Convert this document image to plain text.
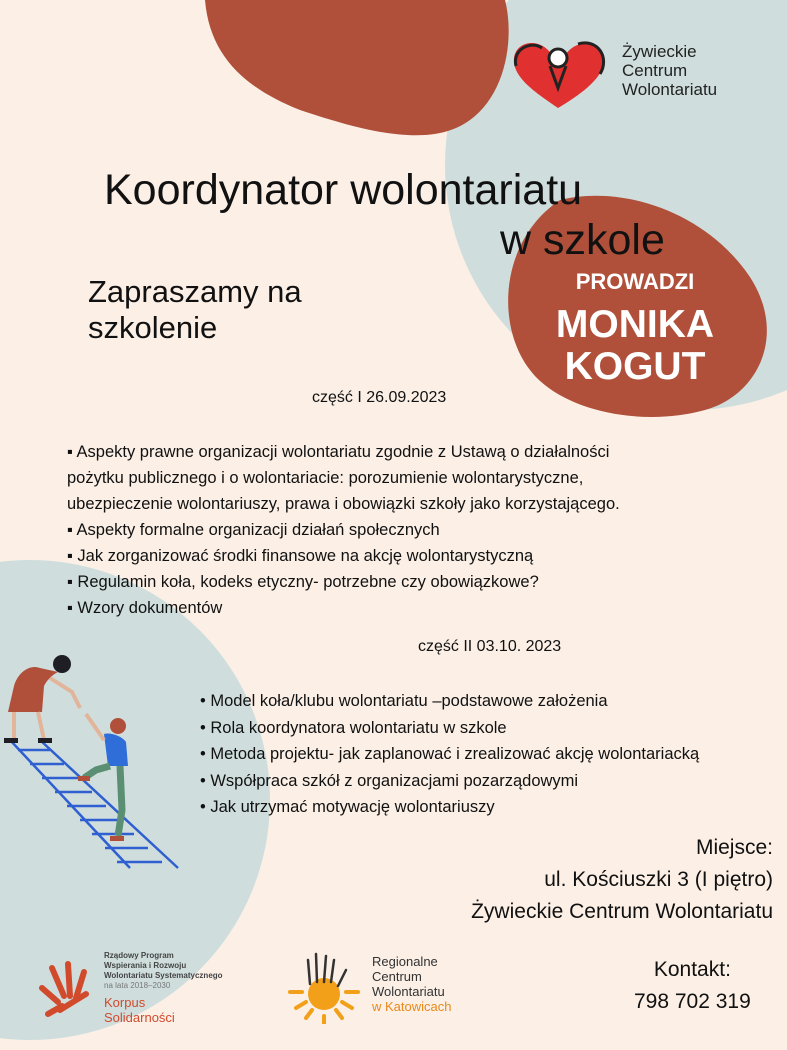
Żywieckie
Centrum
Wolontariatu
Koordynator wolontariatu
w szkole
Zapraszamy na
szkolenie
PROWADZI
MONIKA
KOGUT
część I 26.09.2023
▪ Aspekty prawne organizacji wolontariatu zgodnie z Ustawą o działalności
pożytku publicznego i o wolontariacie: porozumienie wolontarystyczne,
ubezpieczenie wolontariuszy, prawa i obowiązki szkoły jako korzystającego.
▪ Aspekty formalne organizacji działań społecznych
▪ Jak zorganizować środki finansowe na akcję wolontarystyczną
▪ Regulamin koła, kodeks etyczny- potrzebne czy obowiązkowe?
▪ Wzory dokumentów
część II 03.10. 2023
• Model koła/klubu wolontariatu –podstawowe założenia
• Rola koordynatora wolontariatu w szkole
• Metoda projektu- jak zaplanować i zrealizować akcję wolontariacką
• Współpraca szkół z organizacjami pozarządowymi
• Jak utrzymać motywację wolontariuszy
Miejsce:
ul. Kościuszki 3 (I piętro)
Żywieckie Centrum Wolontariatu
Kontakt:
798 702 319
Rządowy Program
Wspierania i Rozwoju
Wolontariatu Systematycznego
na lata 2018–2030
Korpus
Solidarności
Regionalne
Centrum
Wolontariatu
w Katowicach
